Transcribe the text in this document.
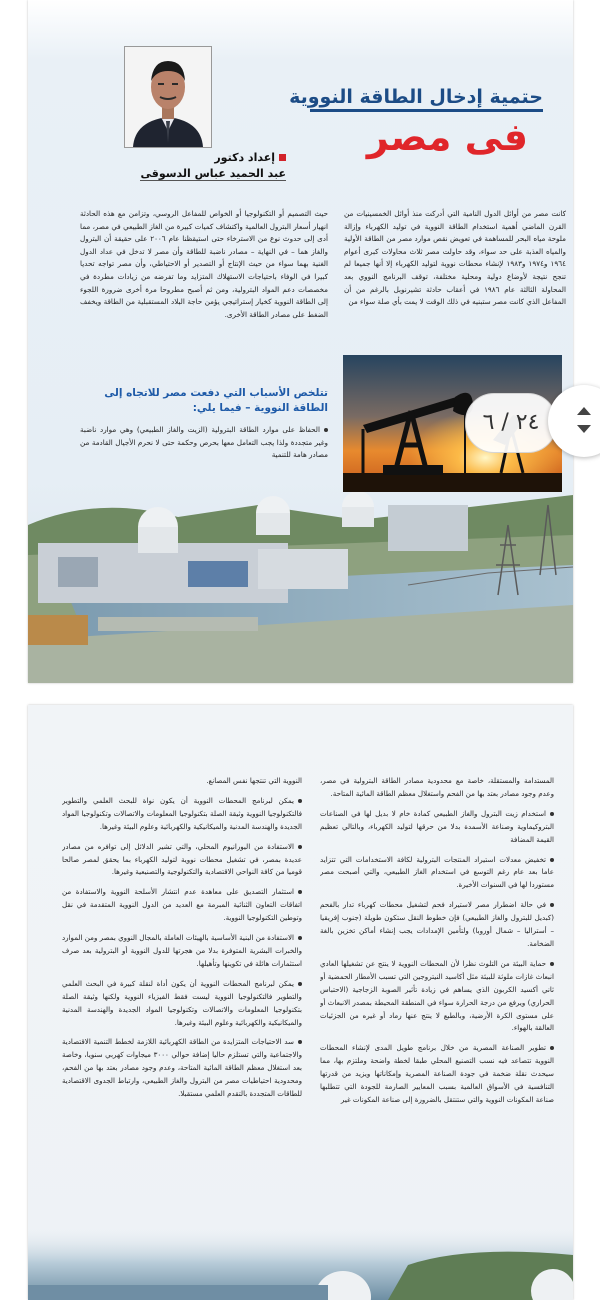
حتمية إدخال الطاقة النووية
فى مصر
إعداد دكتور
عبد الحميد عباس الدسوقى

كانت مصر من أوائل الدول النامية التي أدركت منذ أوائل الخمسينيات من القرن الماضي أهمية استخدام الطاقة النووية في توليد الكهرباء وإزالة ملوحة مياه البحر للمساهمة في تعويض نقص موارد مصر من الطاقة الأولية والمياه العذبة على حد سواء، وقد حاولت مصر ثلاث محاولات كبرى أعوام ١٩٦٤ و١٩٧٤ و١٩٨٣ لإنشاء محطات نووية لتوليد الكهرباء إلا أنها جميعا لم تنجح نتيجة لأوضاع دولية ومحلية مختلفة، توقف البرنامج النووي بعد المحاولة الثالثة عام ١٩٨٦ في أعقاب حادثة تشيرنوبل بالرغم من أن المفاعل الذي كانت مصر ستبنيه في ذلك الوقت لا يمت بأي صلة سواء من

حيث التصميم أو التكنولوجيا أو الخواص للمفاعل الروسي، وتزامن مع هذه الحادثة انهيار أسعار البترول العالمية واكتشاف كميات كبيرة من الغاز الطبيعي في مصر، مما أدى إلى حدوث نوع من الاسترخاء حتى استيقظنا عام ٢٠٠٦ على حقيقة أن البترول والغاز هما – في النهاية – مصادر ناضبة للطاقة وأن مصر لا تدخل في عداد الدول الغنية بهما سواء من حيث الإنتاج أو التصدير أو الاحتياطي، وأن مصر تواجه تحديا كبيرا في الوفاء باحتياجات الاستهلاك المتزايد وما تفرضه من زيادات مطردة في مخصصات دعم المواد البترولية، ومن ثم أصبح مطروحا مرة أخرى ضرورة اللجوء إلى الطاقة النووية كخيار إستراتيجي يؤمن حاجة البلاد المستقبلية من الطاقة ويخفف الضغط على مصادر الطاقة الأخرى.

تتلخص الأسباب التي دفعت مصر للاتجاه إلى الطاقة النووية – فيما يلي:
الحفاظ على موارد الطاقة البترولية (الزيت والغاز الطبيعي) وهي موارد ناضبة وغير متجددة ولذا يجب التعامل معها بحرص وحكمة حتى لا نحرم الأجيال القادمة من مصادر هامة للتنمية
٢٤ / ٦

المستدامة والمستقلة، خاصة مع محدودية مصادر الطاقة البترولية في مصر، وعدم وجود مصادر بعتد بها من الفحم واستغلال معظم الطاقة المائية المتاحة.

استخدام زيت البترول والغاز الطبيعي كمادة خام لا بديل لها في الصناعات البتروكيماوية وصناعة الأسمدة بدلا من حرقها لتوليد الكهرباء، وبالتالي تعظيم القيمة المضافة

تخفيض معدلات استيراد المنتجات البترولية لكافة الاستخدامات التي تتزايد عاما بعد عام رغم التوسع في استخدام الغاز الطبيعي، والتي أصبحت مصر مستوردا لها في السنوات الأخيرة.

في حالة اضطرار مصر لاستيراد فحم لتشغيل محطات كهرباء تدار بالفحم (كبديل للبترول والغاز الطبيعي) فإن خطوط النقل ستكون طويلة (جنوب إفريقيا – أستراليا – شمال أوروبا) ولتأمين الإمدادات يجب إنشاء أماكن تخزين بالغة الضخامة.

حماية البيئة من التلوث نظرا لأن المحطات النووية لا ينتج عن تشغيلها العادي انبعاث غازات ملوثة للبيئة مثل أكاسيد النيتروجين التي تسبب الأمطار الحمضية أو ثاني أكسيد الكربون الذي يساهم في زيادة تأثير الصوبة الزجاجية (الاحتباس الحراري) ويرفع من درجة الحرارة سواء في المنطقة المحيطة بمصدر الانبعاث أو على مستوى الكرة الأرضية، وبالطبع لا ينتج عنها رماد أو غيره من الجزئيات العالقة بالهواء.

تطوير الصناعة المصرية من خلال برنامج طويل المدى لإنشاء المحطات النووية تتصاعد فيه نسب التصنيع المحلي طبقا لخطة واضحة وملتزم بها، مما سيحدث نقلة ضخمة في جودة الصناعة المصرية وإمكاناتها ويزيد من قدرتها التنافسية في الأسواق العالمية بسبب المعايير الصارمة للجودة التي تتطلبها صناعة المكونات النووية والتي ستنتقل بالضرورة إلى صناعة المكونات غير

النووية التي تنتجها نفس المصانع.

يمكن لبرنامج المحطات النووية أن يكون نواة للبحث العلمي والتطوير فالتكنولوجيا النووية وثيقة الصلة بتكنولوجيا المعلومات والاتصالات وتكنولوجيا المواد الجديدة والهندسة المدنية والميكانيكية والكهربائية وعلوم البيئة وغيرها.

الاستفادة من اليورانيوم المحلي، والتي تشير الدلائل إلى توافره من مصادر عديدة بمصر، في تشغيل محطات نووية لتوليد الكهرباء بما يحقق لمصر صالحا قوميا من كافة النواحي الاقتصادية والتكنولوجية والتصنيعية وغيرها.

استثمار التصديق على معاهدة عدم انتشار الأسلحة النووية والاستفادة من اتفاقات التعاون الثنائية المبرمة مع العديد من الدول النووية المتقدمة في نقل وتوطين التكنولوجيا النووية.

الاستفادة من البنية الأساسية بالهيئات العاملة بالمجال النووي بمصر ومن الموارد والخبرات البشرية المتوفرة بدلا من هجرتها للدول النووية أو البترولية بعد صرف استثمارات هائلة في تكوينها وتأهيلها.

يمكن لبرنامج المحطات النووية أن يكون أداة لنقلة كبيرة في البحث العلمي والتطوير فالتكنولوجيا النووية ليست فقط الفيزياء النووية ولكنها وثيقة الصلة بتكنولوجيا المعلومات والاتصالات وتكنولوجيا المواد الجديدة والهندسة المدنية والميكانيكية والكهربائية وعلوم البيئة وغيرها.

سد الاحتياجات المتزايدة من الطاقة الكهربائية اللازمة لخطط التنمية الاقتصادية والاجتماعية والتي تستلزم حاليا إضافة حوالي ٣٠٠٠ ميجاوات كهربي سنويا، وخاصة بعد استغلال معظم الطاقة المائية المتاحة، وعدم وجود مصادر بعتد بها من الفحم، ومحدودية احتياطيات مصر من البترول والغاز الطبيعي، وارتباط الجدوى الاقتصادية للطاقات المتجددة بالتقدم العلمي مستقبلا.
